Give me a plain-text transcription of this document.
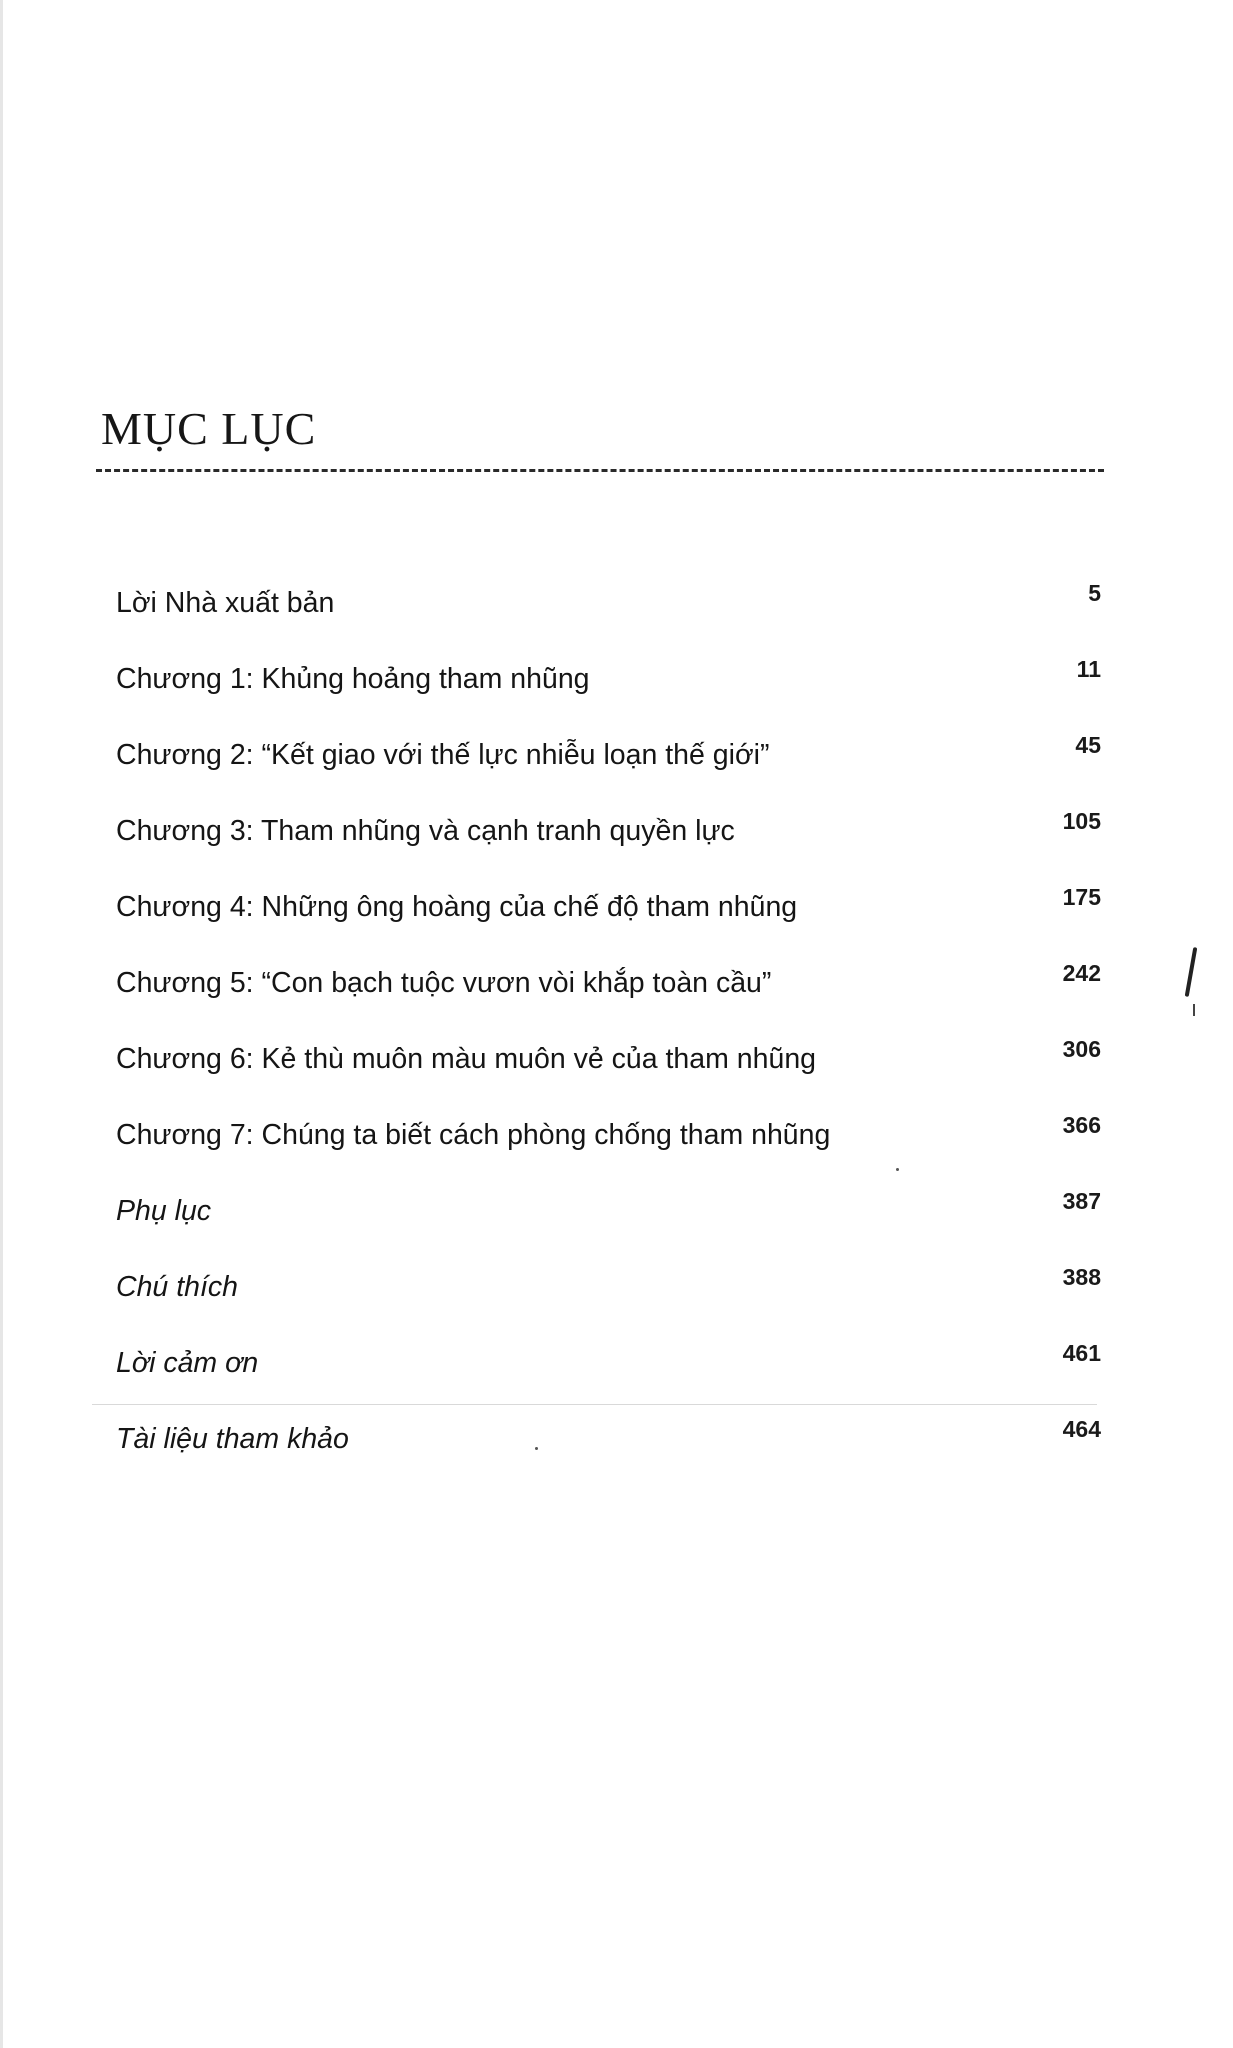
MỤC LỤC
Lời Nhà xuất bản	5
Chương 1: Khủng hoảng tham nhũng	11
Chương 2: “Kết giao với thế lực nhiễu loạn thế giới”	45
Chương 3: Tham nhũng và cạnh tranh quyền lực	105
Chương 4: Những ông hoàng của chế độ tham nhũng	175
Chương 5: “Con bạch tuộc vươn vòi khắp toàn cầu”	242
Chương 6: Kẻ thù muôn màu muôn vẻ của tham nhũng	306
Chương 7: Chúng ta biết cách phòng chống tham nhũng	366
Phụ lục	387
Chú thích	388
Lời cảm ơn	461
Tài liệu tham khảo	464
